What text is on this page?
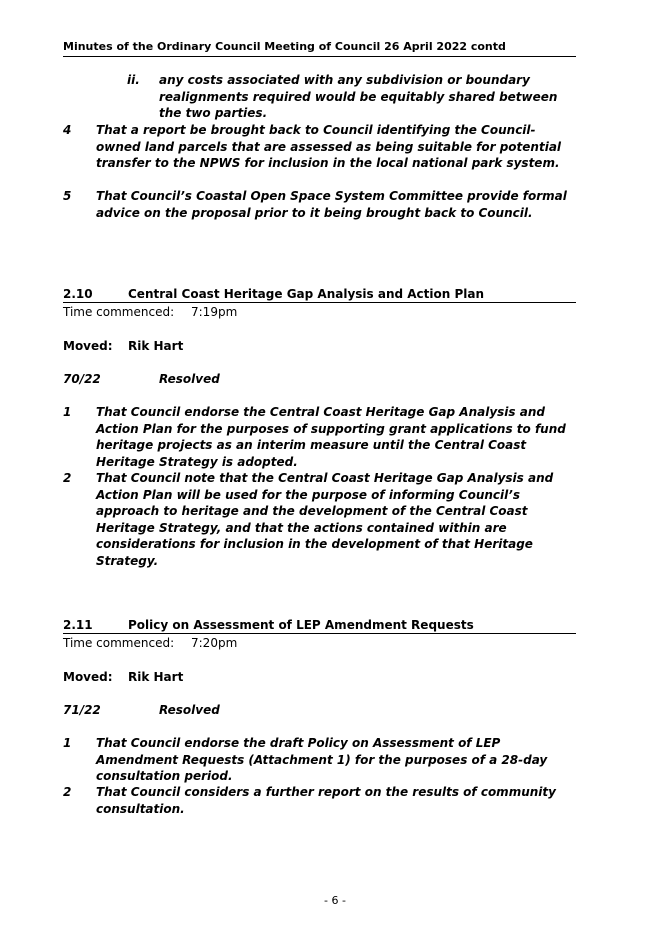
Minutes of the Ordinary Council Meeting of Council 26 April 2022 contd
ii.	any costs associated with any subdivision or boundary realignments required would be equitably shared between the two parties.
4	That a report be brought back to Council identifying the Council-owned land parcels that are assessed as being suitable for potential transfer to the NPWS for inclusion in the local national park system.
5	That Council’s Coastal Open Space System Committee provide formal advice on the proposal prior to it being brought back to Council.
2.10	Central Coast Heritage Gap Analysis and Action Plan
Time commenced:	7:19pm
Moved:	Rik Hart
70/22	Resolved
1	That Council endorse the Central Coast Heritage Gap Analysis and Action Plan for the purposes of supporting grant applications to fund heritage projects as an interim measure until the Central Coast Heritage Strategy is adopted.
2	That Council note that the Central Coast Heritage Gap Analysis and Action Plan will be used for the purpose of informing Council’s approach to heritage and the development of the Central Coast Heritage Strategy, and that the actions contained within are considerations for inclusion in the development of that Heritage Strategy.
2.11	Policy on Assessment of LEP Amendment Requests
Time commenced:	7:20pm
Moved:	Rik Hart
71/22	Resolved
1	That Council endorse the draft Policy on Assessment of LEP Amendment Requests (Attachment 1) for the purposes of a 28-day consultation period.
2	That Council considers a further report on the results of community consultation.
- 6 -
